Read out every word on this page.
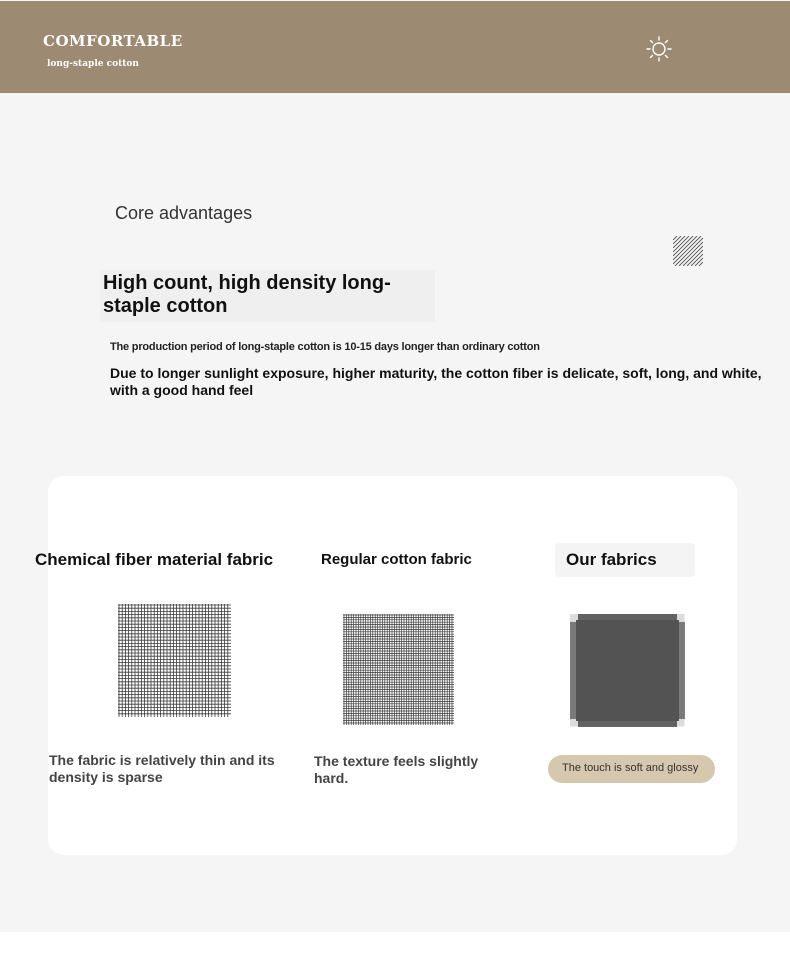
COMFORTABLE
long-staple cotton
Core advantages
High count, high density long-staple cotton
The production period of long-staple cotton is 10-15 days longer than ordinary cotton
Due to longer sunlight exposure, higher maturity, the cotton fiber is delicate, soft, long, and white, with a good hand feel
Chemical fiber material fabric	Regular cotton fabric	Our fabrics
The fabric is relatively thin and its density is sparse
The texture feels slightly hard.
The touch is soft and glossy
